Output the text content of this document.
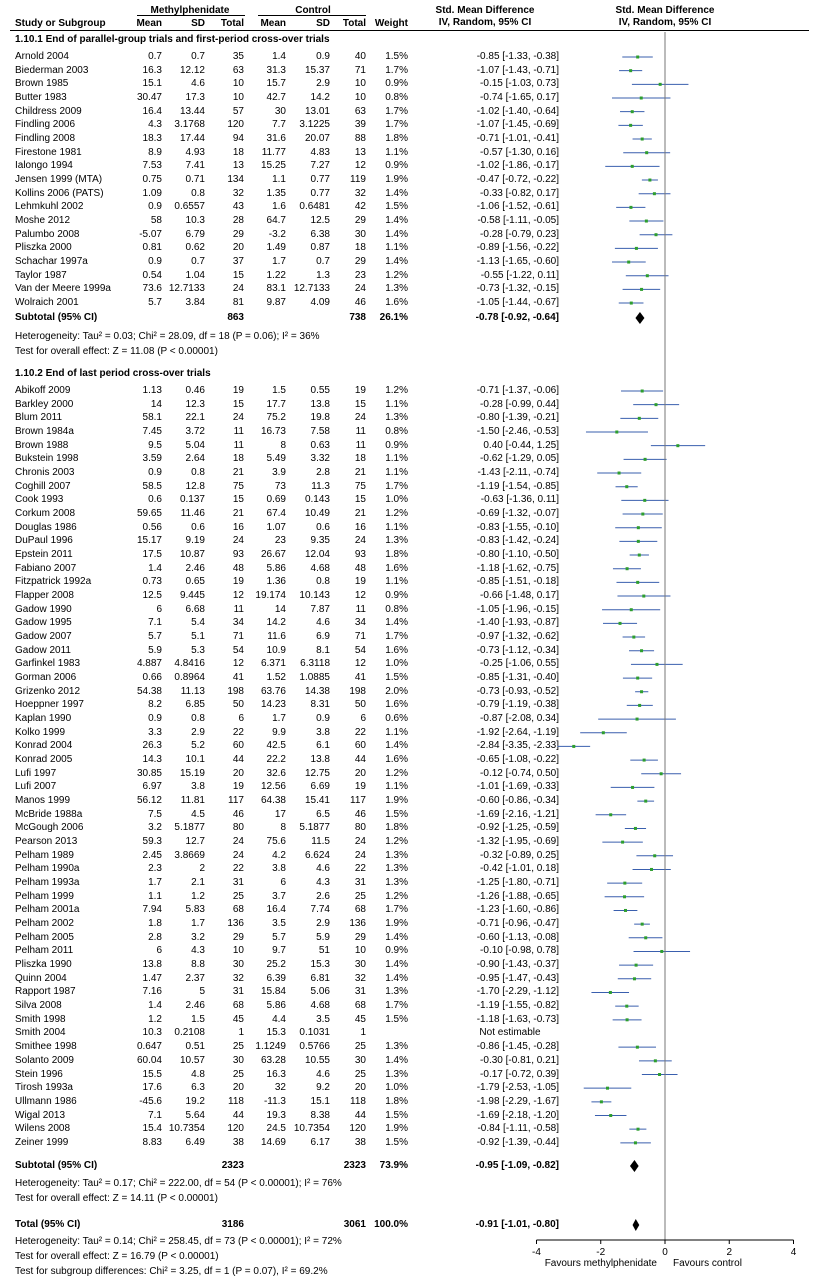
Methylphenidate	Control	Std. Mean Difference
IV, Random, 95% CI
Std. Mean Difference
IV, Random, 95% CI
Study or Subgroup	Mean	SD	Total	Mean	SD	Total Weight
1.10.1 End of parallel-group trials and first-period cross-over trials
Arnold 2004	0.7	0.7	35	1.4	0.9	40	1.5%	-0.85 [-1.33, -0.38]
Biederman 2003	16.3	12.12	63	31.3	15.37	71	1.7%	-1.07 [-1.43, -0.71]
Brown 1985	15.1	4.6	10	15.7	2.9	10	0.9%	-0.15 [-1.03, 0.73]
Butter 1983	30.47	17.3	10	42.7	14.2	10	0.8%	-0.74 [-1.65, 0.17]
Childress 2009	16.4	13.44	57	30	13.01	63	1.7%	-1.02 [-1.40, -0.64]
Findling 2006	4.3	3.1768	120	7.7	3.1225	39	1.7%	-1.07 [-1.45, -0.69]
Findling 2008	18.3	17.44	94	31.6	20.07	88	1.8%	-0.71 [-1.01, -0.41]
Firestone 1981	8.9	4.93	18	11.77	4.83	13	1.1%	-0.57 [-1.30, 0.16]
Ialongo 1994	7.53	7.41	13	15.25	7.27	12	0.9%	-1.02 [-1.86, -0.17]
Jensen 1999 (MTA)	0.75	0.71	134	1.1	0.77	119	1.9%	-0.47 [-0.72, -0.22]
Kollins 2006 (PATS)	1.09	0.8	32	1.35	0.77	32	1.4%	-0.33 [-0.82, 0.17]
Lehmkuhl 2002	0.9	0.6557	43	1.6	0.6481	42	1.5%	-1.06 [-1.52, -0.61]
Moshe 2012	58	10.3	28	64.7	12.5	29	1.4%	-0.58 [-1.11, -0.05]
Palumbo 2008	-5.07	6.79	29	-3.2	6.38	30	1.4%	-0.28 [-0.79, 0.23]
Pliszka 2000	0.81	0.62	20	1.49	0.87	18	1.1%	-0.89 [-1.56, -0.22]
Schachar 1997a	0.9	0.7	37	1.7	0.7	29	1.4%	-1.13 [-1.65, -0.60]
Taylor 1987	0.54	1.04	15	1.22	1.3	23	1.2%	-0.55 [-1.22, 0.11]
Van der Meere 1999a	73.6 12.7133	24	83.1 12.7133	24	1.3%	-0.73 [-1.32, -0.15]
Wolraich 2001	5.7	3.84	81	9.87	4.09	46	1.6%	-1.05 [-1.44, -0.67]
Subtotal (95% CI)	863	738	26.1%	-0.78 [-0.92, -0.64]
Heterogeneity: Tau² = 0.03; Chi² = 28.09, df = 18 (P = 0.06); I² = 36%
Test for overall effect: Z = 11.08 (P < 0.00001)
1.10.2 End of last period cross-over trials
Abikoff 2009	1.13	0.46	19	1.5	0.55	19	1.2%	-0.71 [-1.37, -0.06]
Barkley 2000	14	12.3	15	17.7	13.8	15	1.1%	-0.28 [-0.99, 0.44]
Blum 2011	58.1	22.1	24	75.2	19.8	24	1.3%	-0.80 [-1.39, -0.21]
Brown 1984a	7.45	3.72	11	16.73	7.58	11	0.8%	-1.50 [-2.46, -0.53]
Brown 1988	9.5	5.04	11	8	0.63	11	0.9%	0.40 [-0.44, 1.25]
Bukstein 1998	3.59	2.64	18	5.49	3.32	18	1.1%	-0.62 [-1.29, 0.05]
Chronis 2003	0.9	0.8	21	3.9	2.8	21	1.1%	-1.43 [-2.11, -0.74]
Coghill 2007	58.5	12.8	75	73	11.3	75	1.7%	-1.19 [-1.54, -0.85]
Cook 1993	0.6	0.137	15	0.69	0.143	15	1.0%	-0.63 [-1.36, 0.11]
Corkum 2008	59.65	11.46	21	67.4	10.49	21	1.2%	-0.69 [-1.32, -0.07]
Douglas 1986	0.56	0.6	16	1.07	0.6	16	1.1%	-0.83 [-1.55, -0.10]
DuPaul 1996	15.17	9.19	24	23	9.35	24	1.3%	-0.83 [-1.42, -0.24]
Epstein 2011	17.5	10.87	93	26.67	12.04	93	1.8%	-0.80 [-1.10, -0.50]
Fabiano 2007	1.4	2.46	48	5.86	4.68	48	1.6%	-1.18 [-1.62, -0.75]
Fitzpatrick 1992a	0.73	0.65	19	1.36	0.8	19	1.1%	-0.85 [-1.51, -0.18]
Flapper 2008	12.5	9.445	12	19.174	10.143	12	0.9%	-0.66 [-1.48, 0.17]
Gadow 1990	6	6.68	11	14	7.87	11	0.8%	-1.05 [-1.96, -0.15]
Gadow 1995	7.1	5.4	34	14.2	4.6	34	1.4%	-1.40 [-1.93, -0.87]
Gadow 2007	5.7	5.1	71	11.6	6.9	71	1.7%	-0.97 [-1.32, -0.62]
Gadow 2011	5.9	5.3	54	10.9	8.1	54	1.6%	-0.73 [-1.12, -0.34]
Garfinkel 1983	4.887	4.8416	12	6.371	6.3118	12	1.0%	-0.25 [-1.06, 0.55]
Gorman 2006	0.66	0.8964	41	1.52	1.0885	41	1.5%	-0.85 [-1.31, -0.40]
Grizenko 2012	54.38	11.13	198	63.76	14.38	198	2.0%	-0.73 [-0.93, -0.52]
Hoeppner 1997	8.2	6.85	50	14.23	8.31	50	1.6%	-0.79 [-1.19, -0.38]
Kaplan 1990	0.9	0.8	6	1.7	0.9	6	0.6%	-0.87 [-2.08, 0.34]
Kolko 1999	3.3	2.9	22	9.9	3.8	22	1.1%	-1.92 [-2.64, -1.19]
Konrad 2004	26.3	5.2	60	42.5	6.1	60	1.4%	-2.84 [-3.35, -2.33]
Konrad 2005	14.3	10.1	44	22.2	13.8	44	1.6%	-0.65 [-1.08, -0.22]
Lufi 1997	30.85	15.19	20	32.6	12.75	20	1.2%	-0.12 [-0.74, 0.50]
Lufi 2007	6.97	3.8	19	12.56	6.69	19	1.1%	-1.01 [-1.69, -0.33]
Manos 1999	56.12	11.81	117	64.38	15.41	117	1.9%	-0.60 [-0.86, -0.34]
McBride 1988a	7.5	4.5	46	17	6.5	46	1.5%	-1.69 [-2.16, -1.21]
McGough 2006	3.2	5.1877	80	8	5.1877	80	1.8%	-0.92 [-1.25, -0.59]
Pearson 2013	59.3	12.7	24	75.6	11.5	24	1.2%	-1.32 [-1.95, -0.69]
Pelham 1989	2.45	3.8669	24	4.2	6.624	24	1.3%	-0.32 [-0.89, 0.25]
Pelham 1990a	2.3	2	22	3.8	4.6	22	1.3%	-0.42 [-1.01, 0.18]
Pelham 1993a	1.7	2.1	31	6	4.3	31	1.3%	-1.25 [-1.80, -0.71]
Pelham 1999	1.1	1.2	25	3.7	2.6	25	1.2%	-1.26 [-1.88, -0.65]
Pelham 2001a	7.94	5.83	68	16.4	7.74	68	1.7%	-1.23 [-1.60, -0.86]
Pelham 2002	1.8	1.7	136	3.5	2.9	136	1.9%	-0.71 [-0.96, -0.47]
Pelham 2005	2.8	3.2	29	5.7	5.9	29	1.4%	-0.60 [-1.13, -0.08]
Pelham 2011	6	4.3	10	9.7	51	10	0.9%	-0.10 [-0.98, 0.78]
Pliszka 1990	13.8	8.8	30	25.2	15.3	30	1.4%	-0.90 [-1.43, -0.37]
Quinn 2004	1.47	2.37	32	6.39	6.81	32	1.4%	-0.95 [-1.47, -0.43]
Rapport 1987	7.16	5	31	15.84	5.06	31	1.3%	-1.70 [-2.29, -1.12]
Silva 2008	1.4	2.46	68	5.86	4.68	68	1.7%	-1.19 [-1.55, -0.82]
Smith 1998	1.2	1.5	45	4.4	3.5	45	1.5%	-1.18 [-1.63, -0.73]
Smith 2004	10.3	0.2108	1	15.3	0.1031	1	Not estimable
Smithee 1998	0.647	0.51	25	1.1249	0.5766	25	1.3%	-0.86 [-1.45, -0.28]
Solanto 2009	60.04	10.57	30	63.28	10.55	30	1.4%	-0.30 [-0.81, 0.21]
Stein 1996	15.5	4.8	25	16.3	4.6	25	1.3%	-0.17 [-0.72, 0.39]
Tirosh 1993a	17.6	6.3	20	32	9.2	20	1.0%	-1.79 [-2.53, -1.05]
Ullmann 1986	-45.6	19.2	118	-11.3	15.1	118	1.8%	-1.98 [-2.29, -1.67]
Wigal 2013	7.1	5.64	44	19.3	8.38	44	1.5%	-1.69 [-2.18, -1.20]
Wilens 2008	15.4 10.7354	120	24.5 10.7354	120	1.9%	-0.84 [-1.11, -0.58]
Zeiner 1999	8.83	6.49	38	14.69	6.17	38	1.5%	-0.92 [-1.39, -0.44]
Subtotal (95% CI)	2323	2323	73.9%	-0.95 [-1.09, -0.82]
Heterogeneity: Tau² = 0.17; Chi² = 222.00, df = 54 (P < 0.00001); I² = 76%
Test for overall effect: Z = 14.11 (P < 0.00001)
Total (95% CI)	3186	3061 100.0%	-0.91 [-1.01, -0.80]
Heterogeneity: Tau² = 0.14; Chi² = 258.45, df = 73 (P < 0.00001); I² = 72%
Test for overall effect: Z = 16.79 (P < 0.00001)
Test for subgroup differences: Chi² = 3.25, df = 1 (P = 0.07), I² = 69.2%
-4	-2	0	2	4
Favours methylphenidate Favours control
